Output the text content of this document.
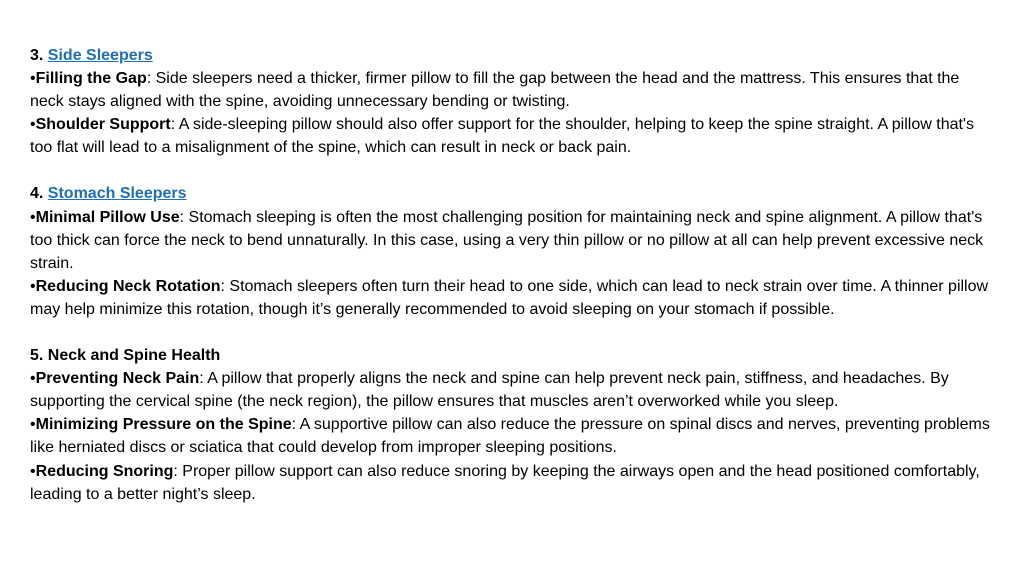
3. Side Sleepers

•Filling the Gap: Side sleepers need a thicker, firmer pillow to fill the gap between the head and the mattress. This ensures that the neck stays aligned with the spine, avoiding unnecessary bending or twisting.

•Shoulder Support: A side-sleeping pillow should also offer support for the shoulder, helping to keep the spine straight. A pillow that's too flat will lead to a misalignment of the spine, which can result in neck or back pain.

4. Stomach Sleepers

•Minimal Pillow Use: Stomach sleeping is often the most challenging position for maintaining neck and spine alignment. A pillow that's too thick can force the neck to bend unnaturally. In this case, using a very thin pillow or no pillow at all can help prevent excessive neck strain.

•Reducing Neck Rotation: Stomach sleepers often turn their head to one side, which can lead to neck strain over time. A thinner pillow may help minimize this rotation, though it’s generally recommended to avoid sleeping on your stomach if possible.

5. Neck and Spine Health

•Preventing Neck Pain: A pillow that properly aligns the neck and spine can help prevent neck pain, stiffness, and headaches. By supporting the cervical spine (the neck region), the pillow ensures that muscles aren’t overworked while you sleep.

•Minimizing Pressure on the Spine: A supportive pillow can also reduce the pressure on spinal discs and nerves, preventing problems like herniated discs or sciatica that could develop from improper sleeping positions.

•Reducing Snoring: Proper pillow support can also reduce snoring by keeping the airways open and the head positioned comfortably, leading to a better night’s sleep.
